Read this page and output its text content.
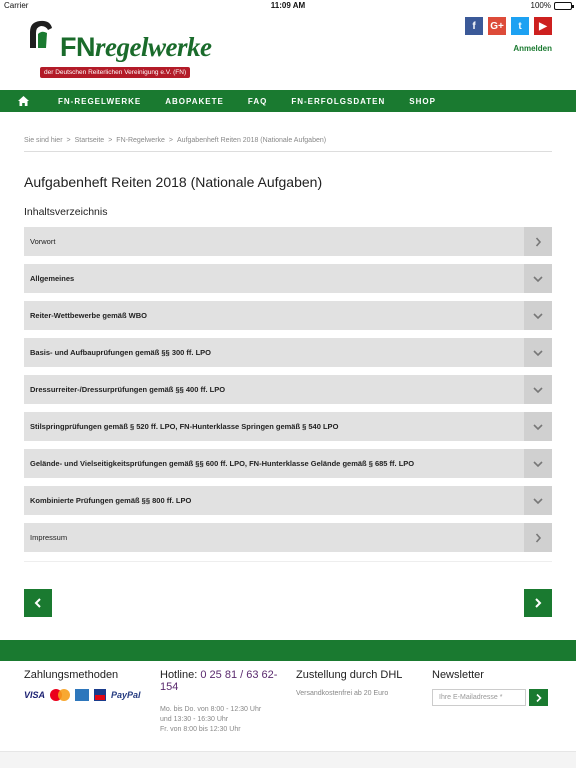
Carrier	11:09 AM	100%
FNregelwerke
der Deutschen Reiterlichen Vereinigung e.V. (FN)
f	G+	t	▶
Anmelden
FN-REGELWERKE	ABOPAKETE	FAQ	FN-ERFOLGSDATEN	SHOP
Sie sind hier > Startseite > FN-Regelwerke > Aufgabenheft Reiten 2018 (Nationale Aufgaben)
Aufgabenheft Reiten 2018 (Nationale Aufgaben)
Inhaltsverzeichnis
Vorwort
Allgemeines
Reiter-Wettbewerbe gemäß WBO
Basis- und Aufbauprüfungen gemäß §§ 300 ff. LPO
Dressurreiter-/Dressurprüfungen gemäß §§ 400 ff. LPO
Stilspringprüfungen gemäß § 520 ff. LPO, FN-Hunterklasse Springen gemäß § 540 LPO
Gelände- und Vielseitigkeitsprüfungen gemäß §§ 600 ff. LPO, FN-Hunterklasse Gelände gemäß § 685 ff. LPO
Kombinierte Prüfungen gemäß §§ 800 ff. LPO
Impressum
Zahlungsmethoden
VISA	PayPal
Hotline: 0 25 81 / 63 62-154
Mo. bis Do. von 8:00 - 12:30 Uhr
und 13:30 - 16:30 Uhr
Fr. von 8:00 bis 12:30 Uhr
Zustellung durch DHL
Versandkostenfrei ab 20 Euro
Newsletter
Ihre E-Mailadresse *
